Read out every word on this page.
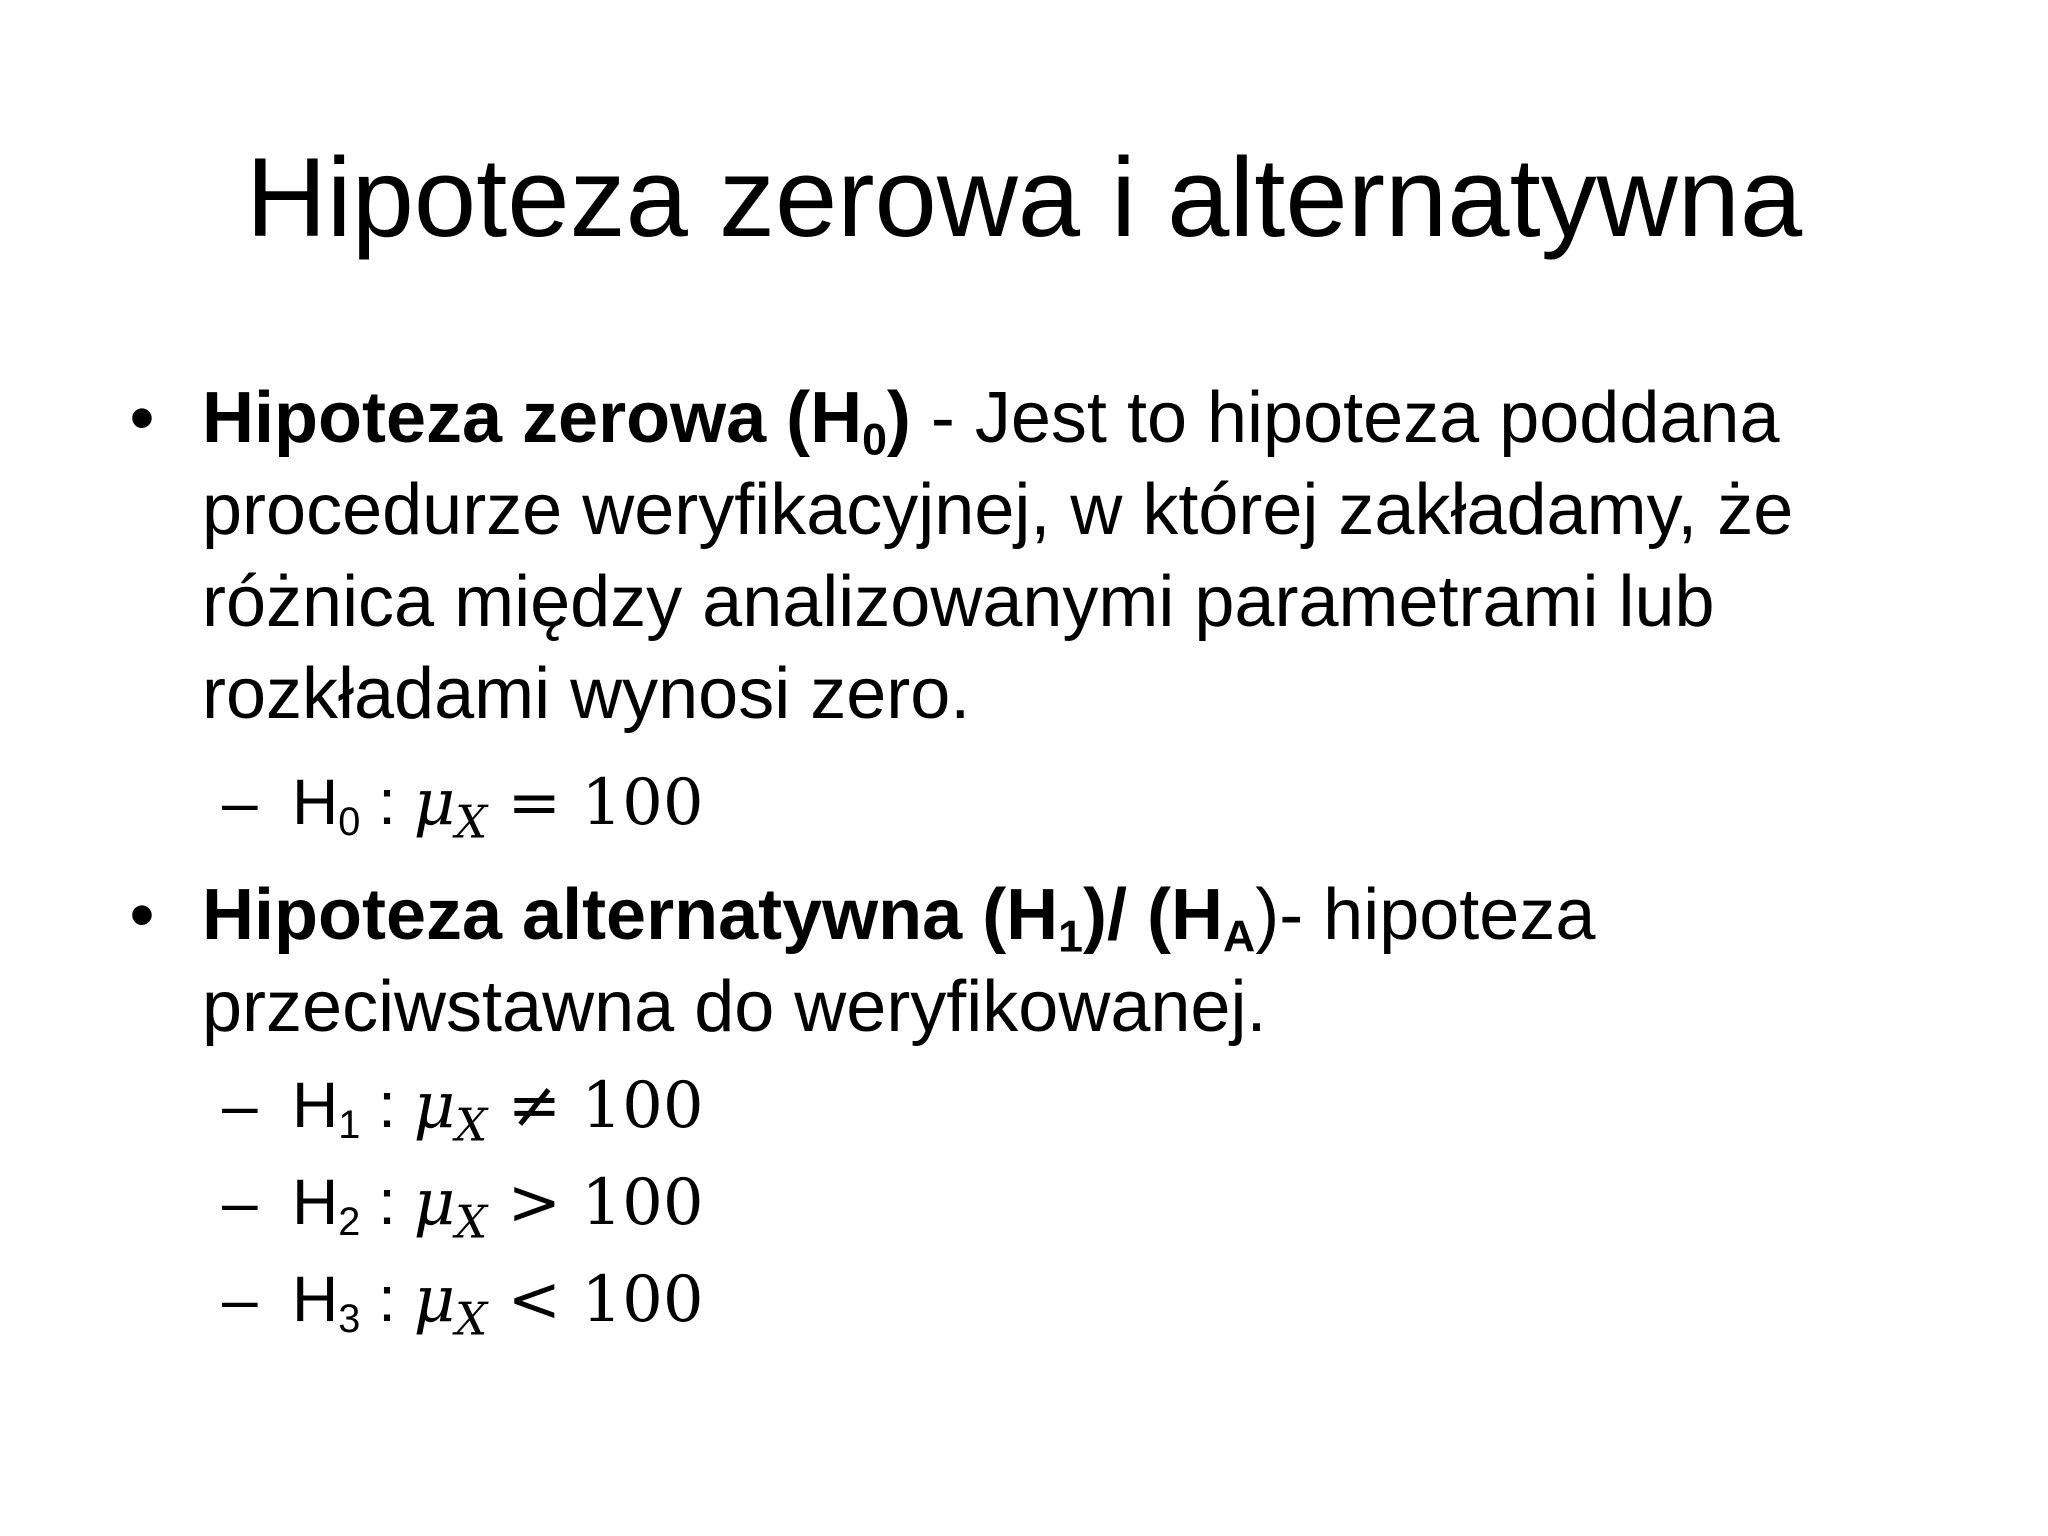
Hipoteza zerowa i alternatywna
• Hipoteza zerowa $(H_0)$ - Jest to hipoteza poddana procedurze weryfikacyjnej, w której zakładamy, że różnica między analizowanymi parametrami lub rozkładami wynosi zero.
– $H_0$ : $\mu_X = 100$
• Hipoteza alternatywna $(H_1)/$ $(H_A)-$ hipoteza przeciwstawna do weryfikowanej.
– $H_1$ : $\mu_X \ne 100$
– $H_2$ : $\mu_X > 100$
– $H_3$ : $\mu_X < 100$
